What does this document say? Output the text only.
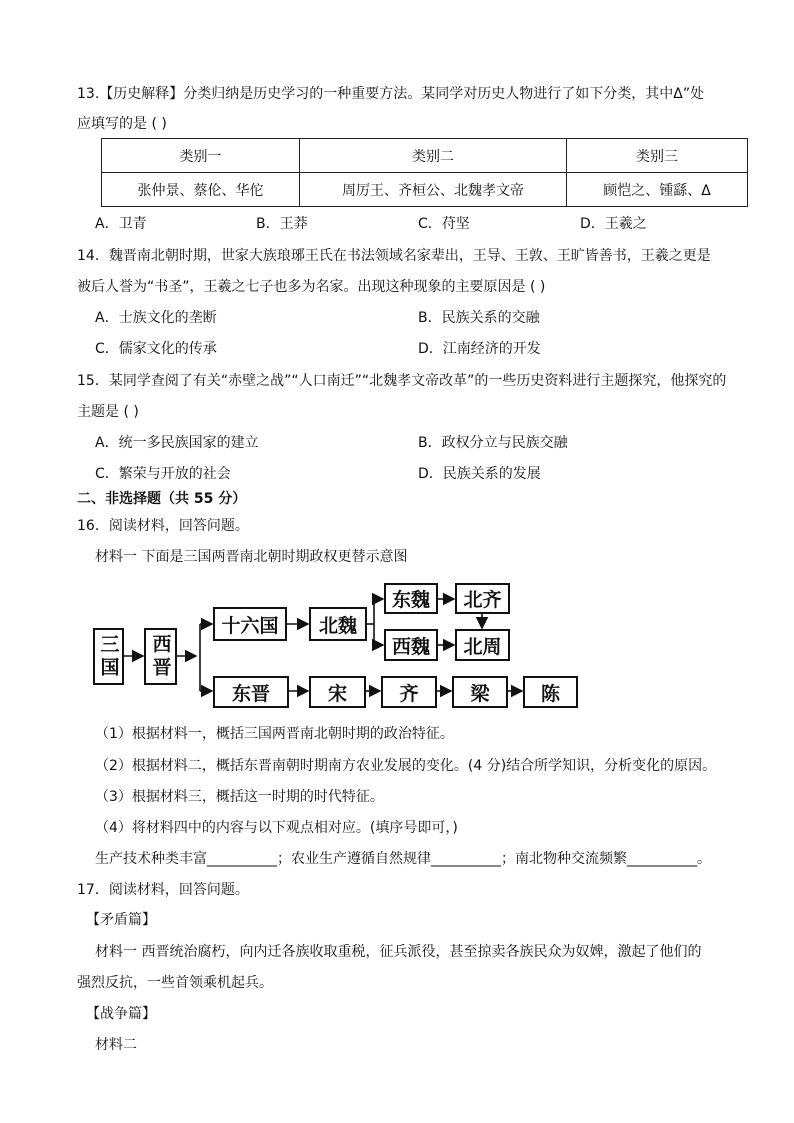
13.【历史解释】分类归纳是历史学习的一种重要方法。某同学对历史人物进行了如下分类，其中Δ”处
应填写的是 ( )
类别一	类别二	类别三
张仲景、蔡伦、华佗	周厉王、齐桓公、北魏孝文帝	顾恺之、锺繇、Δ
A．卫青	B．王莽	C．苻坚	D．王羲之
14．魏晋南北朝时期，世家大族琅琊王氏在书法领域名家辈出，王导、王敦、王旷皆善书，王羲之更是
被后人誉为“书圣”，王羲之七子也多为名家。出现这种现象的主要原因是 ( )
A．士族文化的垄断	B．民族关系的交融
C．儒家文化的传承	D．江南经济的开发
15．某同学查阅了有关“赤壁之战”“人口南迁”“北魏孝文帝改革”的一些历史资料进行主题探究，他探究的
主题是 ( )
A．统一多民族国家的建立	B．政权分立与民族交融
C．繁荣与开放的社会	D．民族关系的发展
二、非选择题（共 55 分）
16．阅读材料，回答问题。
材料一 下面是三国两晋南北朝时期政权更替示意图
三国 西晋
十六国	北魏
东魏	北齐
西魏	北周
东晋	宋	齐	梁	陈
（1）根据材料一，概括三国两晋南北朝时期的政治特征。
（2）根据材料二，概括东晋南朝时期南方农业发展的变化。(4 分)结合所学知识，分析变化的原因。
（3）根据材料三，概括这一时期的时代特征。
（4）将材料四中的内容与以下观点相对应。(填序号即可，)
生产技术种类丰富__________；农业生产遵循自然规律__________；南北物种交流频繁__________。
17．阅读材料，回答问题。
【矛盾篇】
材料一 西晋统治腐朽，向内迁各族收取重税，征兵派役，甚至掠卖各族民众为奴婢，激起了他们的
强烈反抗，一些首领乘机起兵。
【战争篇】
材料二
